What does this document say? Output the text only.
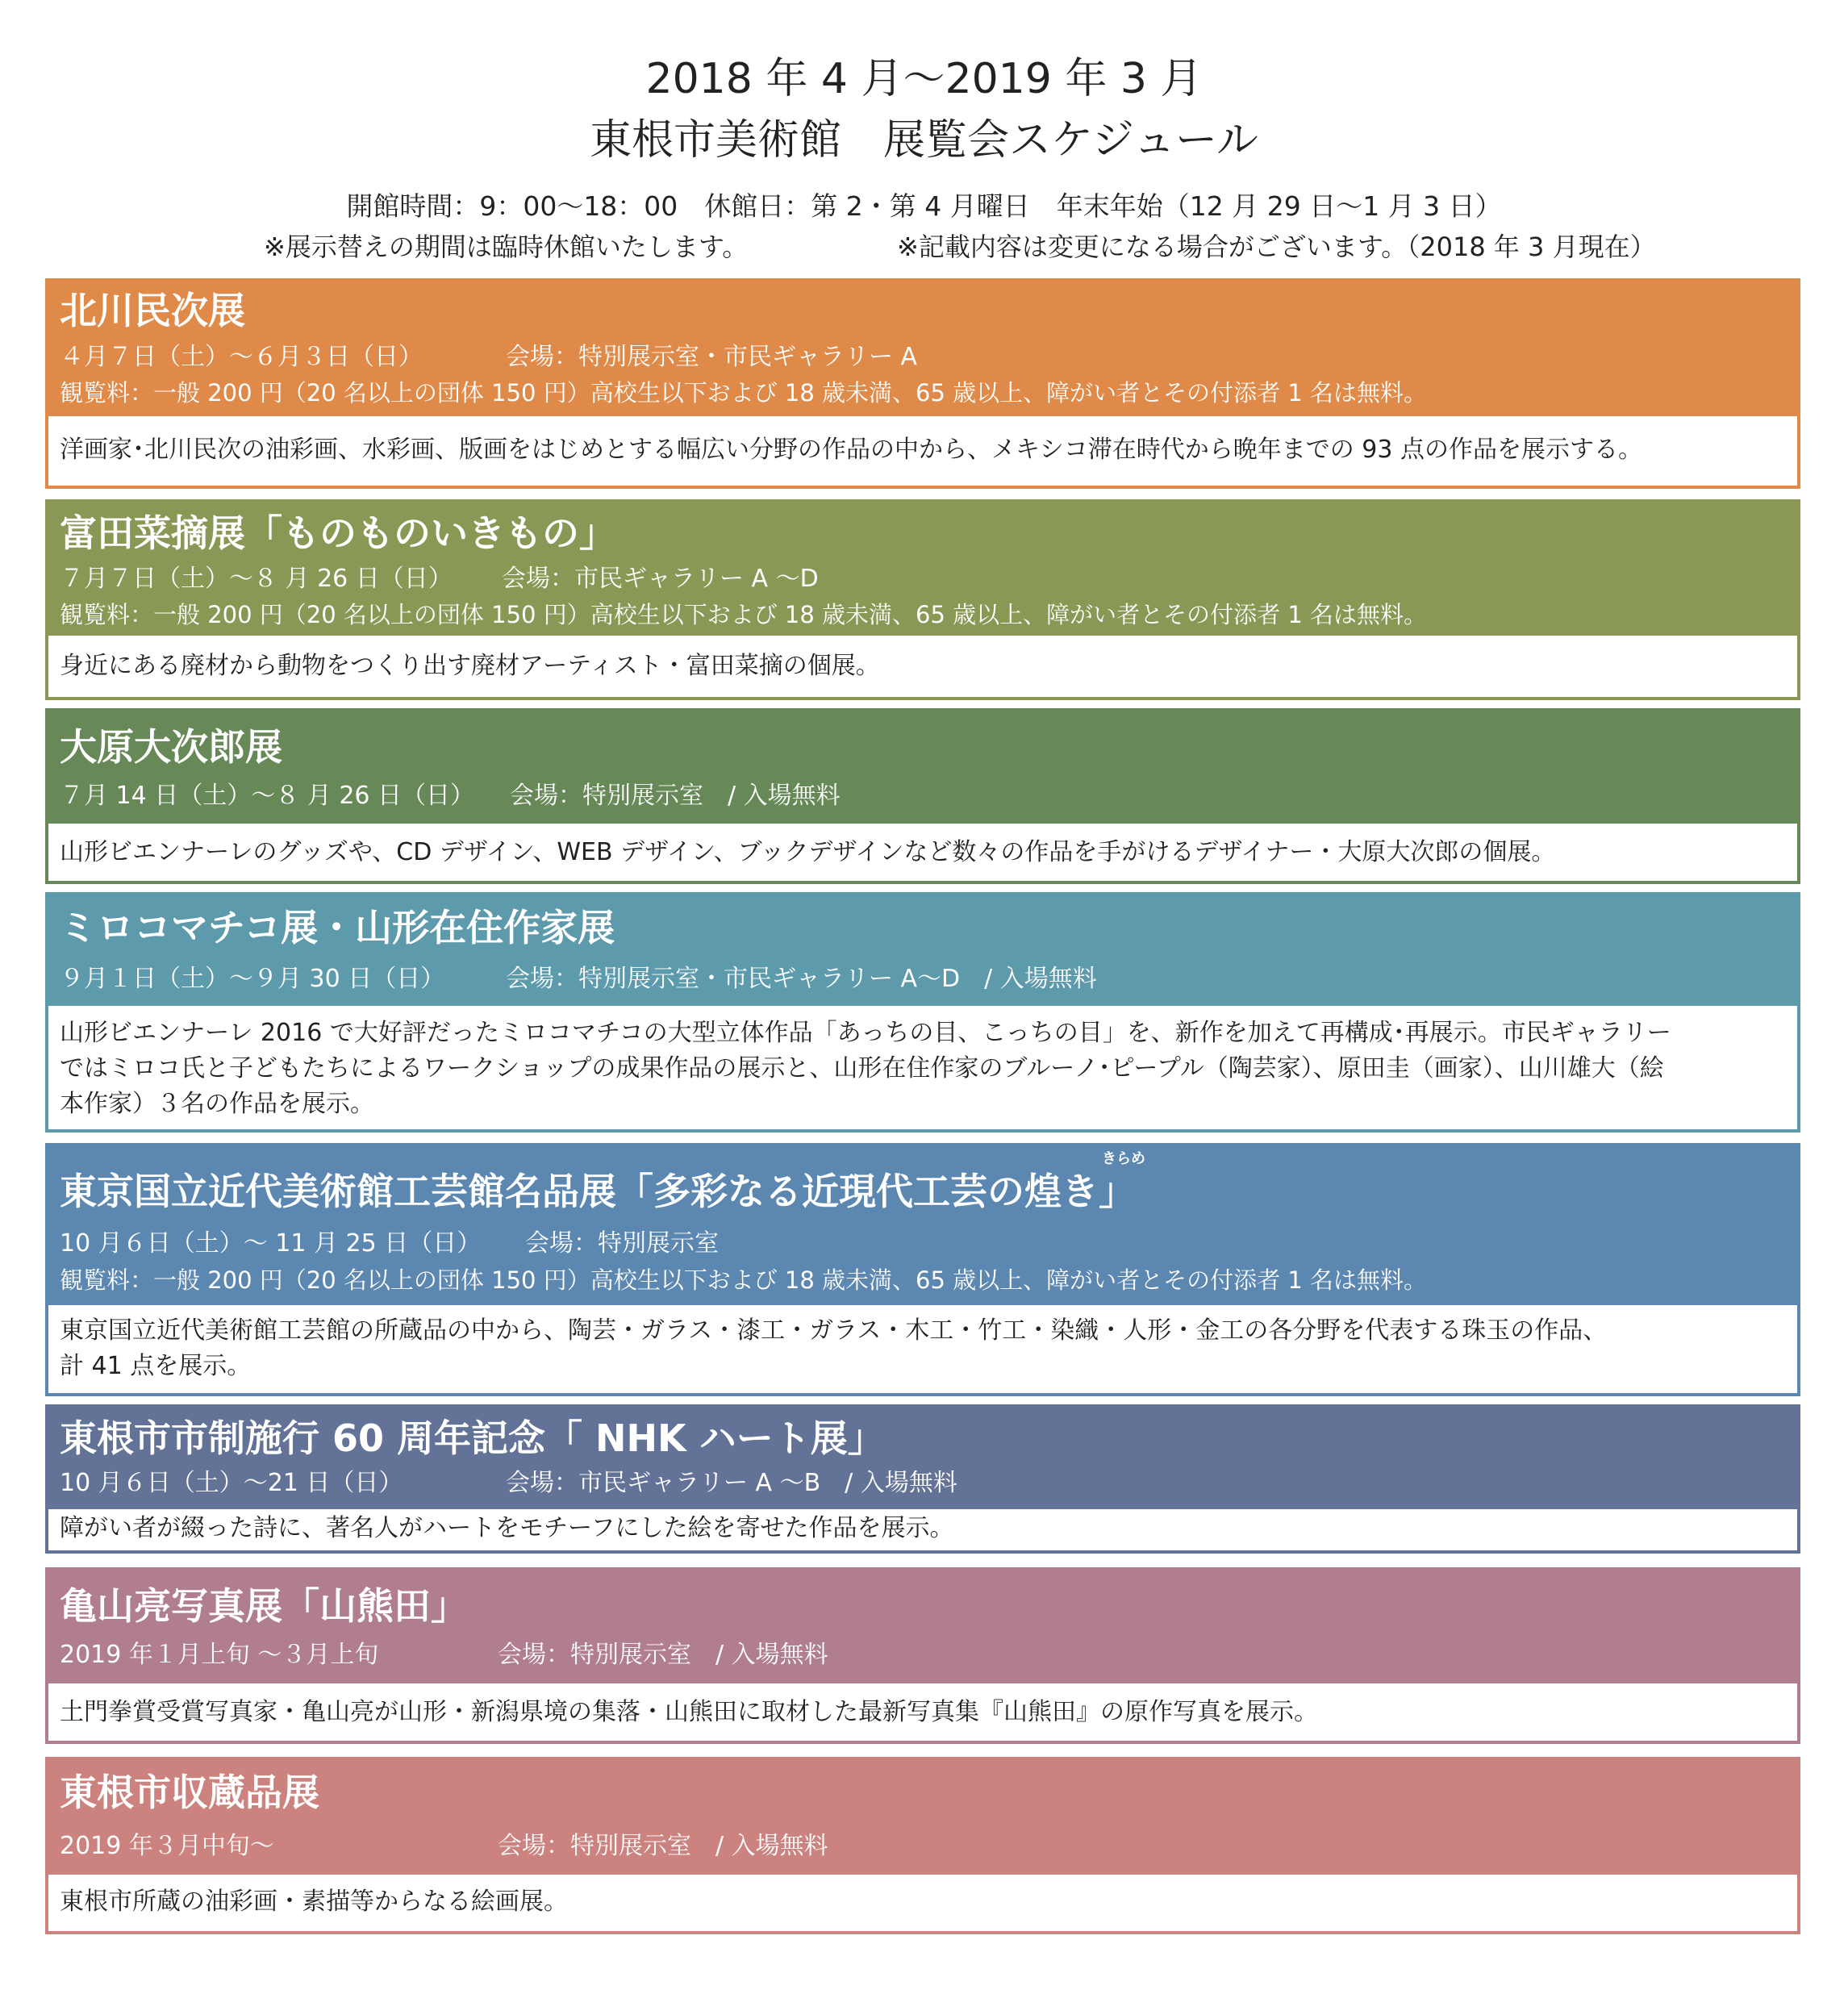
2018 年 4 月〜2019 年 3 月
東根市美術館　展覧会スケジュール
開館時間：9：00〜18：00　休館日：第 2・第 4 月曜日　年末年始（12 月 29 日〜1 月 3 日）
※展示替えの期間は臨時休館いたします。	※記載内容は変更になる場合がございます。（2018 年 3 月現在）
北川民次展
４月７日（土）〜６月３日（日）	会場：特別展示室・市民ギャラリー A
観覧料：一般 200 円（20 名以上の団体 150 円）高校生以下および 18 歳未満、65 歳以上、障がい者とその付添者 1 名は無料。
洋画家･北川民次の油彩画、水彩画、版画をはじめとする幅広い分野の作品の中から、メキシコ滞在時代から晩年までの 93 点の作品を展示する。
富田菜摘展「ものものいきもの」
７月７日（土）〜８ 月 26 日（日） 会場：市民ギャラリー A 〜D
観覧料：一般 200 円（20 名以上の団体 150 円）高校生以下および 18 歳未満、65 歳以上、障がい者とその付添者 1 名は無料。
身近にある廃材から動物をつくり出す廃材アーティスト・富田菜摘の個展。
大原大次郎展
７月 14 日（土）〜８ 月 26 日（日） 会場：特別展示室　/ 入場無料
山形ビエンナーレのグッズや、CD デザイン、WEB デザイン、ブックデザインなど数々の作品を手がけるデザイナー・大原大次郎の個展。
ミロコマチコ展・山形在住作家展
９月１日（土）〜９月 30 日（日）	会場：特別展示室・市民ギャラリー A〜D　/ 入場無料
山形ビエンナーレ 2016 で大好評だったミロコマチコの大型立体作品「あっちの目、こっちの目」を、新作を加えて再構成･再展示。市民ギャラリー
ではミロコ氏と子どもたちによるワークショップの成果作品の展示と、山形在住作家のブルーノ･ピープル（陶芸家）、原田圭（画家）、山川雄大（絵
本作家）３名の作品を展示。
きらめ
東京国立近代美術館工芸館名品展「多彩なる近現代工芸の煌き」
10 月６日（土）〜 11 月 25 日（日） 会場：特別展示室
観覧料：一般 200 円（20 名以上の団体 150 円）高校生以下および 18 歳未満、65 歳以上、障がい者とその付添者 1 名は無料。
東京国立近代美術館工芸館の所蔵品の中から、陶芸・ガラス・漆工・ガラス・木工・竹工・染織・人形・金工の各分野を代表する珠玉の作品、
計 41 点を展示。
東根市市制施行 60 周年記念「 NHK ハート展」
10 月６日（土）〜21 日（日）	会場：市民ギャラリー A 〜B　/ 入場無料
障がい者が綴った詩に、著名人がハートをモチーフにした絵を寄せた作品を展示。
亀山亮写真展「山熊田」
2019 年１月上旬 〜３月上旬	会場：特別展示室　/ 入場無料
土門拳賞受賞写真家・亀山亮が山形・新潟県境の集落・山熊田に取材した最新写真集『山熊田』の原作写真を展示。
東根市収蔵品展
2019 年３月中旬〜	会場：特別展示室　/ 入場無料
東根市所蔵の油彩画・素描等からなる絵画展。
